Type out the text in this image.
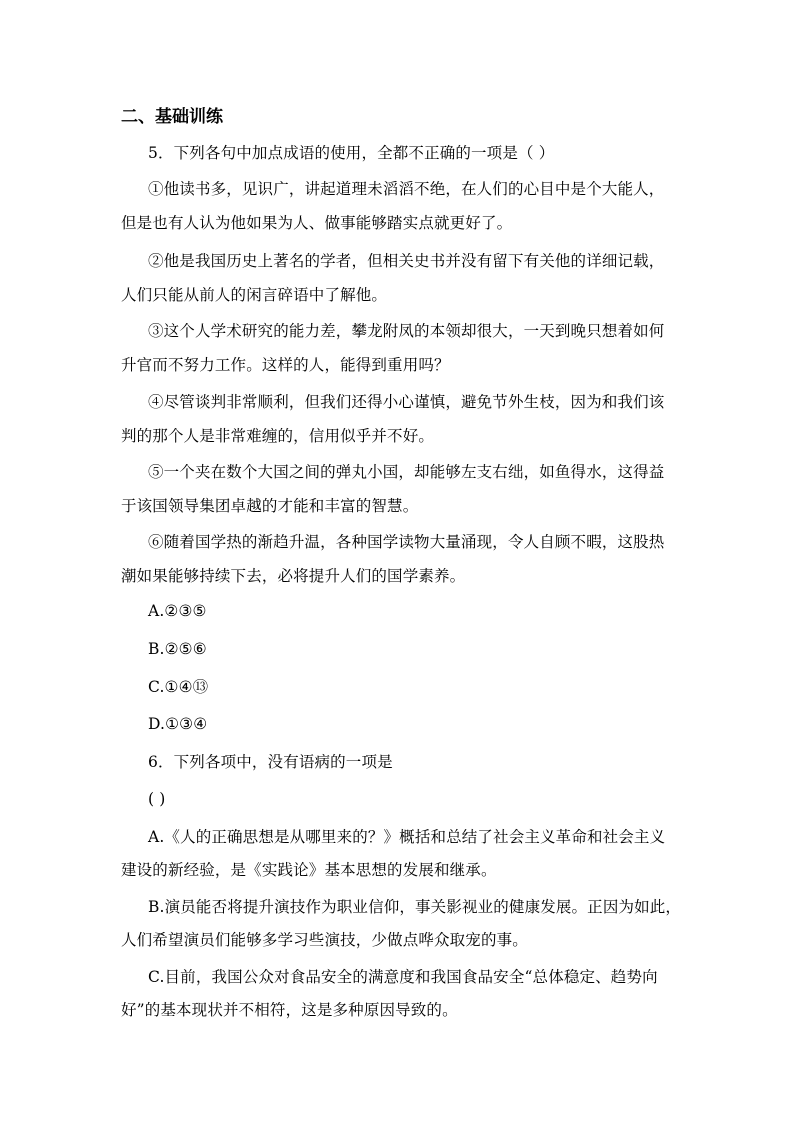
二、基础训练
5．下列各句中加点成语的使用，全都不正确的一项是（ ）
①他读书多，见识广，讲起道理未滔滔不绝，在人们的心目中是个大能人，
但是也有人认为他如果为人、做事能够踏实点就更好了。
②他是我国历史上著名的学者，但相关史书并没有留下有关他的详细记载，
人们只能从前人的闲言碎语中了解他。
③这个人学术研究的能力差，攀龙附凤的本领却很大，一天到晚只想着如何
升官而不努力工作。这样的人，能得到重用吗？
④尽管谈判非常顺利，但我们还得小心谨慎，避免节外生枝，因为和我们该
判的那个人是非常难缠的，信用似乎并不好。
⑤一个夹在数个大国之间的弹丸小国，却能够左支右绌，如鱼得水，这得益
于该国领导集团卓越的才能和丰富的智慧。
⑥随着国学热的渐趋升温，各种国学读物大量涌现，令人自顾不暇，这股热
潮如果能够持续下去，必将提升人们的国学素养。
A.②③⑤
B.②⑤⑥
C.①④⑬
D.①③④
6．下列各项中，没有语病的一项是
( )
A.《人的正确思想是从哪里来的？》概括和总结了社会主义革命和社会主义
建设的新经验，是《实践论》基本思想的发展和继承。
B.演员能否将提升演技作为职业信仰，事关影视业的健康发展。正因为如此，
人们希望演员们能够多学习些演技，少做点哗众取宠的事。
C.目前，我国公众对食品安全的满意度和我国食品安全“总体稳定、趋势向
好”的基本现状并不相符，这是多种原因导致的。
